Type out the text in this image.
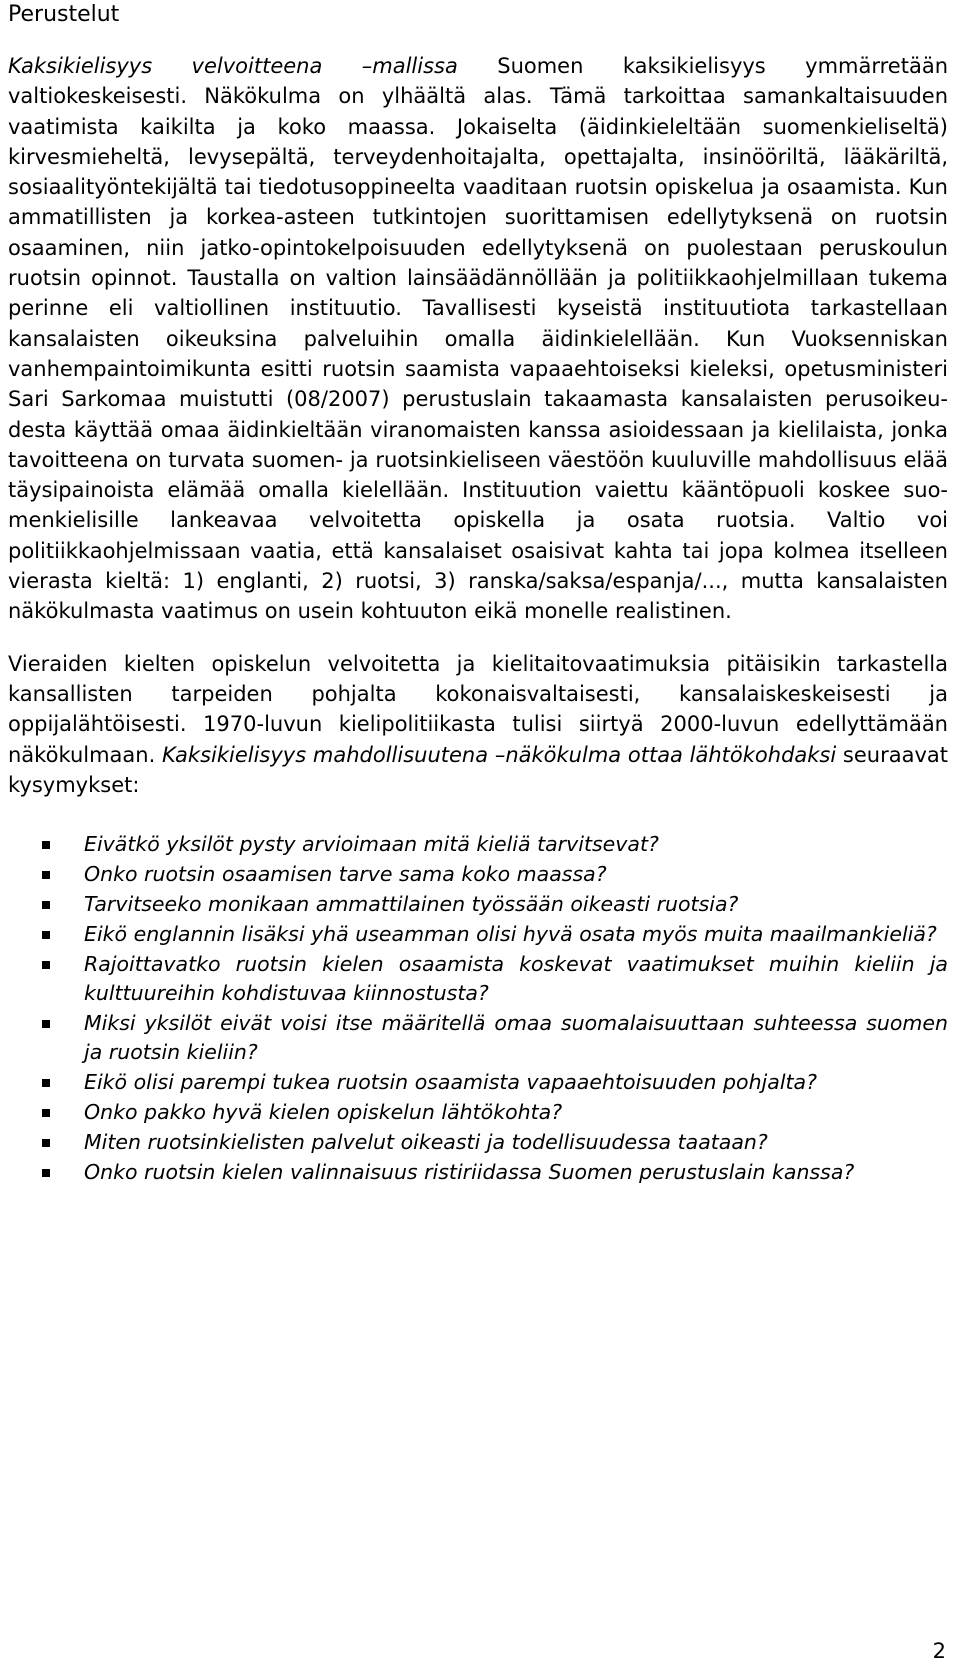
Perustelut

Kaksikielisyys velvoitteena –mallissa Suomen kaksikielisyys ymmärretään valtiokeskeisesti. Näkökulma on ylhäältä alas. Tämä tarkoittaa samankaltaisuuden vaatimista kaikilta ja koko maassa. Jokaiselta (äidinkieleltään suomenkieliseltä) kirvesmieheltä, levysepältä, terveydenhoitajalta, opettajalta, insinööriltä, lääkäriltä, sosiaalityöntekijältä tai tiedotusoppineelta vaaditaan ruotsin opiskelua ja osaamista. Kun ammatillisten ja korkea-asteen tutkintojen suorittamisen edellytyksenä on ruotsin osaaminen, niin jatko-opintokelpoisuuden edellytyksenä on puolestaan peruskoulun ruotsin opinnot. Taustalla on valtion lainsäädännöllään ja politiikkaohjelmillaan tukema perinne eli valtiollinen instituutio. Tavallisesti kyseistä instituutiota tarkastellaan kansalaisten oikeuksina palveluihin omalla äidinkielellään. Kun Vuoksenniskan vanhempaintoimikunta esitti ruotsin saamista vapaaehtoiseksi kieleksi, opetusministeri Sari Sarkomaa muistutti (08/2007) perustuslain takaamasta kansalaisten perusoikeudesta käyttää omaa äidinkieltään viranomaisten kanssa asioidessaan ja kielilaista, jonka tavoitteena on turvata suomen- ja ruotsinkieliseen väestöön kuuluville mahdollisuus elää täysipainoista elämää omalla kielellään. Instituution vaiettu kääntöpuoli koskee suomenkielisille lankeavaa velvoitetta opiskella ja osata ruotsia. Valtio voi politiikkaohjelmissaan vaatia, että kansalaiset osaisivat kahta tai jopa kolmea itselleen vierasta kieltä: 1) englanti, 2) ruotsi, 3) ranska/saksa/espanja/..., mutta kansalaisten näkökulmasta vaatimus on usein kohtuuton eikä monelle realistinen.

Vieraiden kielten opiskelun velvoitetta ja kielitaitovaatimuksia pitäisikin tarkastella kansallisten tarpeiden pohjalta kokonaisvaltaisesti, kansalaiskeskeisesti ja oppijalähtöisesti. 1970-luvun kielipolitiikasta tulisi siirtyä 2000-luvun edellyttämään näkökulmaan. Kaksikielisyys mahdollisuutena –näkökulma ottaa lähtökohdaksi seuraavat kysymykset:

Eivätkö yksilöt pysty arvioimaan mitä kieliä tarvitsevat?
Onko ruotsin osaamisen tarve sama koko maassa?
Tarvitseeko monikaan ammattilainen työssään oikeasti ruotsia?
Eikö englannin lisäksi yhä useamman olisi hyvä osata myös muita maailmankieliä?
Rajoittavatko ruotsin kielen osaamista koskevat vaatimukset muihin kieliin ja kulttuureihin kohdistuvaa kiinnostusta?
Miksi yksilöt eivät voisi itse määritellä omaa suomalaisuuttaan suhteessa suomen ja ruotsin kieliin?
Eikö olisi parempi tukea ruotsin osaamista vapaaehtoisuuden pohjalta?
Onko pakko hyvä kielen opiskelun lähtökohta?
Miten ruotsinkielisten palvelut oikeasti ja todellisuudessa taataan?
Onko ruotsin kielen valinnaisuus ristiriidassa Suomen perustuslain kanssa?
2
